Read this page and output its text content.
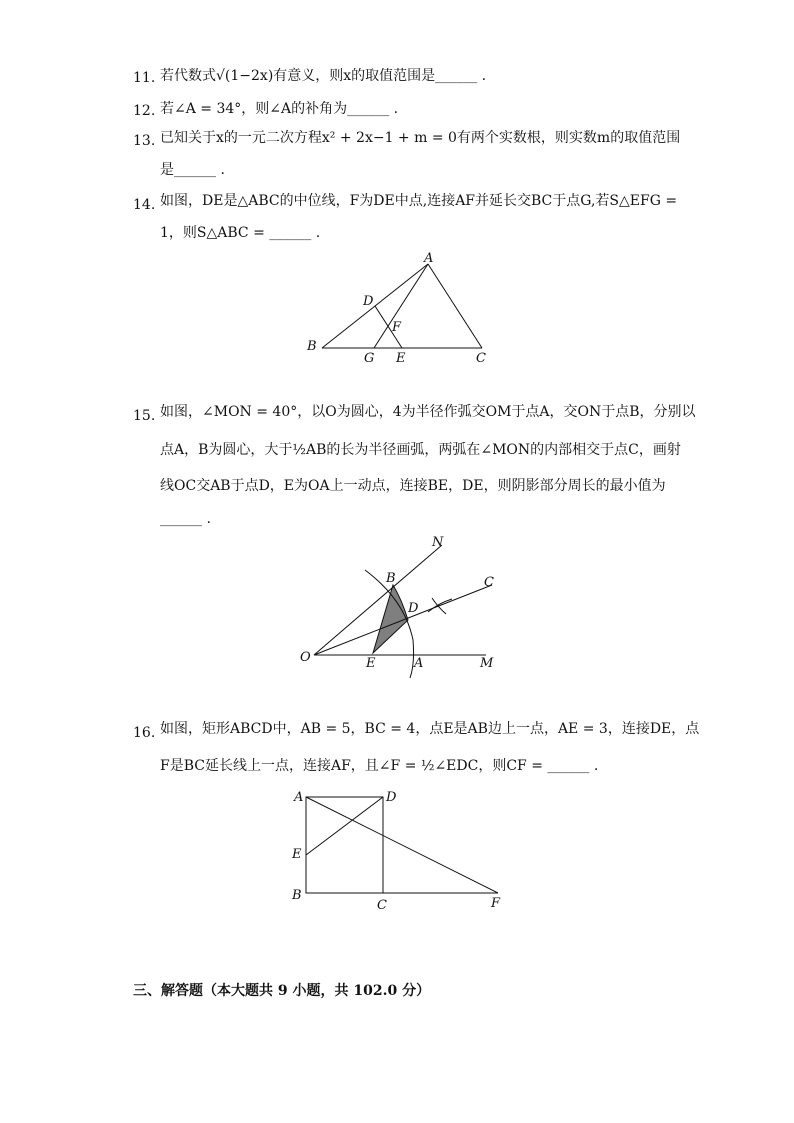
11. 若代数式√(1−2x)有意义，则x的取值范围是______ .
12. 若∠A = 34°，则∠A的补角为______ .
13. 已知关于x的一元二次方程x² + 2x−1 + m = 0有两个实数根，则实数m的取值范围
是______ .
14. 如图，DE是△ABC的中位线，F为DE中点,连接AF并延长交BC于点G,若S△EFG =
1，则S△ABC = ______ .
A
D
F
B
G E	C
15. 如图，∠MON = 40°，以O为圆心，4为半径作弧交OM于点A，交ON于点B，分别以
点A，B为圆心，大于½AB的长为半径画弧，两弧在∠MON的内部相交于点C，画射
线OC交AB于点D，E为OA上一动点，连接BE，DE，则阴影部分周长的最小值为
______ .
N
B	C
D
O	E	A	M
16. 如图，矩形ABCD中，AB = 5，BC = 4，点E是AB边上一点，AE = 3，连接DE，点
F是BC延长线上一点，连接AF，且∠F = ½∠EDC，则CF = ______ .
A	D
E
B
C	F
三、解答题（本大题共 9 小题，共 102.0 分）
